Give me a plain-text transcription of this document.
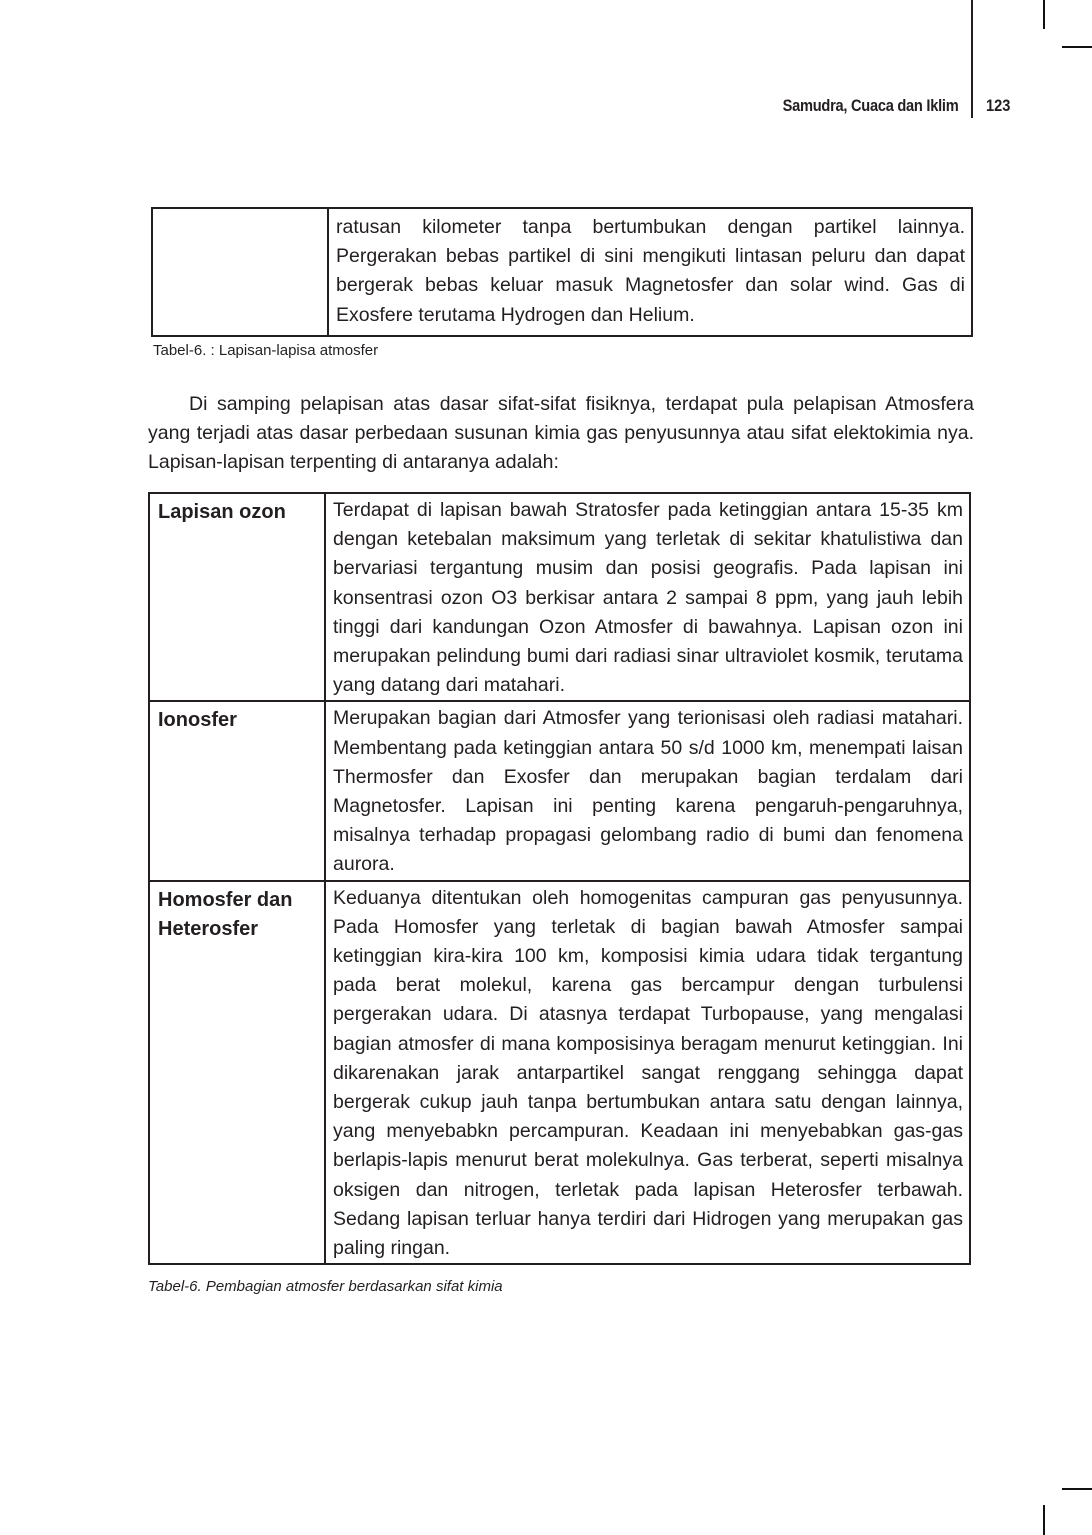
Samudra, Cuaca dan Iklim 123
	ratusan kilometer tanpa bertumbukan dengan partikel lainnya. Pergerakan bebas partikel di sini mengikuti lintasan peluru dan dapat bergerak bebas keluar masuk Magnetosfer dan solar wind. Gas di Exosfere terutama Hydrogen dan Helium.
Tabel-6. : Lapisan-lapisa atmosfer
Di samping pelapisan atas dasar sifat-sifat fisiknya, terdapat pula pelapisan Atmosfera yang terjadi atas dasar perbedaan susunan kimia gas penyusunnya atau sifat elektokimia nya. Lapisan-lapisan terpenting di antaranya adalah:
Lapisan ozon	Terdapat di lapisan bawah Stratosfer pada ketinggian antara 15-35 km dengan ketebalan maksimum yang terletak di sekitar khatulistiwa dan bervariasi tergantung musim dan posisi geografis. Pada lapisan ini konsentrasi ozon O3 berkisar antara 2 sampai 8 ppm, yang jauh lebih tinggi dari kandungan Ozon Atmosfer di bawahnya. Lapisan ozon ini merupakan pelindung bumi dari radiasi sinar ultraviolet kosmik, terutama yang datang dari matahari.
Ionosfer	Merupakan bagian dari Atmosfer yang terionisasi oleh radiasi matahari. Membentang pada ketinggian antara 50 s/d 1000 km, menempati laisan Thermosfer dan Exosfer dan merupakan bagian terdalam dari Magnetosfer. Lapisan ini penting karena pengaruh-pengaruhnya, misalnya terhadap propagasi gelombang radio di bumi dan fenomena aurora.
Homosfer dan Heterosfer	Keduanya ditentukan oleh homogenitas campuran gas penyusunnya. Pada Homosfer yang terletak di bagian bawah Atmosfer sampai ketinggian kira-kira 100 km, komposisi kimia udara tidak tergantung pada berat molekul, karena gas bercampur dengan turbulensi pergerakan udara. Di atasnya terdapat Turbopause, yang mengalasi bagian atmosfer di mana komposisinya beragam menurut ketinggian. Ini dikarenakan jarak antarpartikel sangat renggang sehingga dapat bergerak cukup jauh tanpa bertumbukan antara satu dengan lainnya, yang menyebabkn percampuran. Keadaan ini menyebabkan gas-gas berlapis-lapis menurut berat molekulnya. Gas terberat, seperti misalnya oksigen dan nitrogen, terletak pada lapisan Heterosfer terbawah. Sedang lapisan terluar hanya terdiri dari Hidrogen yang merupakan gas paling ringan.
Tabel-6. Pembagian atmosfer berdasarkan sifat kimia
